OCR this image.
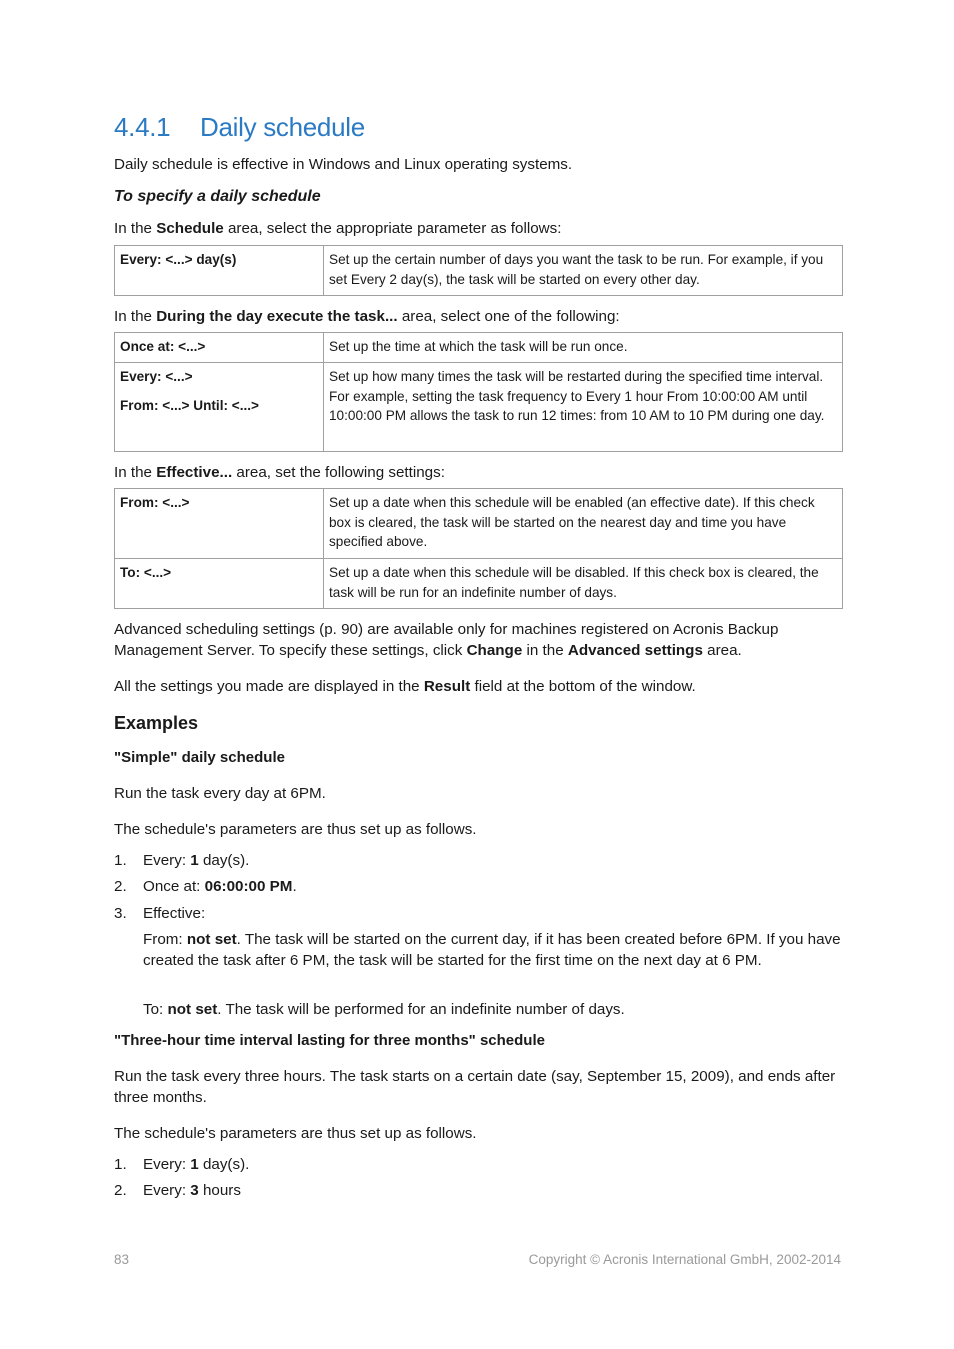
4.4.1 Daily schedule

Daily schedule is effective in Windows and Linux operating systems.

To specify a daily schedule

In the Schedule area, select the appropriate parameter as follows:

Every: <...> day(s)	Set up the certain number of days you want the task to be run. For example, if you set Every 2 day(s), the task will be started on every other day.

In the During the day execute the task... area, select one of the following:

Once at: <...>	Set up the time at which the task will be run once.

Every: <...>
From: <...> Until: <...>	Set up how many times the task will be restarted during the specified time interval. For example, setting the task frequency to Every 1 hour From 10:00:00 AM until 10:00:00 PM allows the task to run 12 times: from 10 AM to 10 PM during one day.

In the Effective... area, set the following settings:

From: <...>	Set up a date when this schedule will be enabled (an effective date). If this check box is cleared, the task will be started on the nearest day and time you have specified above.
To: <...>	Set up a date when this schedule will be disabled. If this check box is cleared, the task will be run for an indefinite number of days.

Advanced scheduling settings (p. 90) are available only for machines registered on Acronis Backup Management Server. To specify these settings, click Change in the Advanced settings area.

All the settings you made are displayed in the Result field at the bottom of the window.

Examples

"Simple" daily schedule

Run the task every day at 6PM.

The schedule's parameters are thus set up as follows.

1. Every: 1 day(s).
2. Once at: 06:00:00 PM.
3. Effective:
From: not set. The task will be started on the current day, if it has been created before 6PM. If you have created the task after 6 PM, the task will be started for the first time on the next day at 6 PM.
To: not set. The task will be performed for an indefinite number of days.

"Three-hour time interval lasting for three months" schedule

Run the task every three hours. The task starts on a certain date (say, September 15, 2009), and ends after three months.

The schedule's parameters are thus set up as follows.

1. Every: 1 day(s).
2. Every: 3 hours
83	Copyright © Acronis International GmbH, 2002-2014
